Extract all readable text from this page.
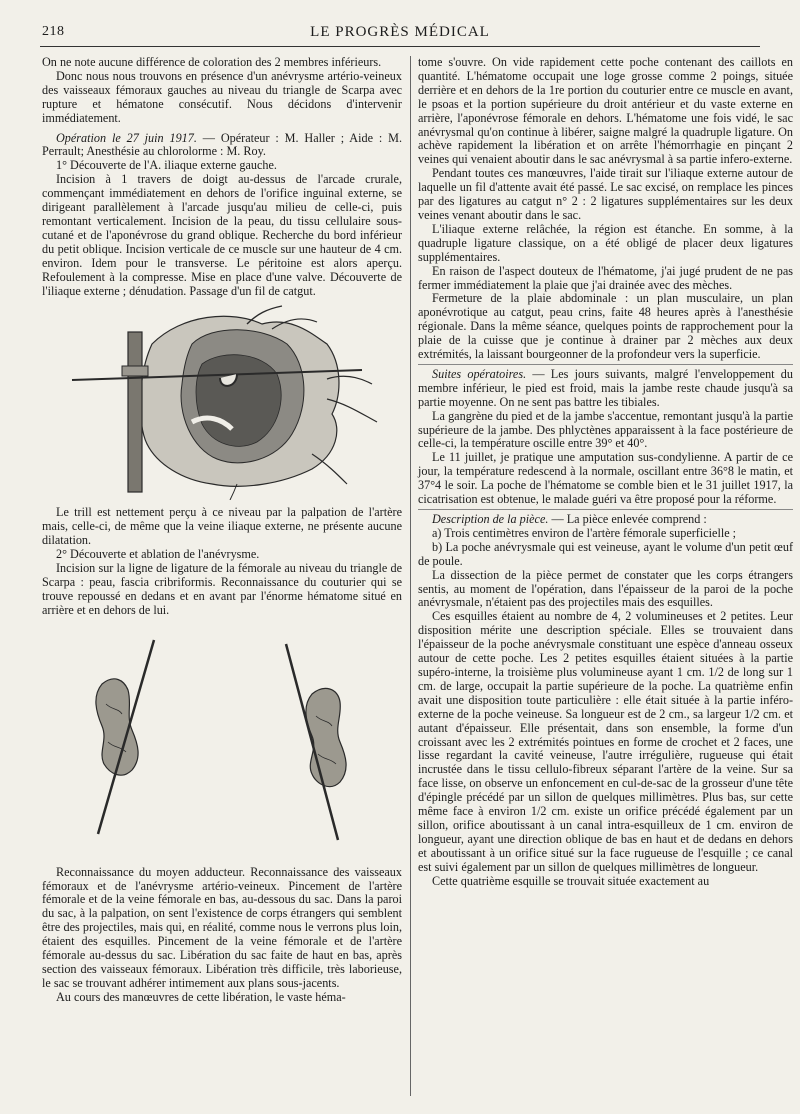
218	LE PROGRÈS MÉDICAL

On ne note aucune différence de coloration des 2 membres inférieurs.

Donc nous nous trouvons en présence d'un anévrysme artério-veineux des vaisseaux fémoraux gauches au niveau du triangle de Scarpa avec rupture et hématone consécutif. Nous décidons d'intervenir immédiatement.

Opération le 27 juin 1917. — Opérateur : M. Haller ; Aide : M. Perrault; Anesthésie au chlorolorme : M. Roy.

1° Découverte de l'A. iliaque externe gauche.

Incision à 1 travers de doigt au-dessus de l'arcade crurale, commençant immédiatement en dehors de l'orifice inguinal externe, se dirigeant parallèlement à l'arcade jusqu'au milieu de celle-ci, puis remontant verticalement. Incision de la peau, du tissu cellulaire sous-cutané et de l'aponévrose du grand oblique. Recherche du bord inférieur du petit oblique. Incision verticale de ce muscle sur une hauteur de 4 cm. environ. Idem pour le transverse. Le péritoine est alors aperçu. Refoulement à la compresse. Mise en place d'une valve. Découverte de l'iliaque externe ; dénudation. Passage d'un fil de catgut.

Le trill est nettement perçu à ce niveau par la palpation de l'artère mais, celle-ci, de même que la veine iliaque externe, ne présente aucune dilatation.

2° Découverte et ablation de l'anévrysme.

Incision sur la ligne de ligature de la fémorale au niveau du triangle de Scarpa : peau, fascia cribriformis. Reconnaissance du couturier qui se trouve repoussé en dedans et en avant par l'énorme hématome situé en arrière et en dehors de lui.

Reconnaissance du moyen adducteur. Reconnaissance des vaisseaux fémoraux et de l'anévrysme artério-veineux. Pincement de l'artère fémorale et de la veine fémorale en bas, au-dessous du sac. Dans la paroi du sac, à la palpation, on sent l'existence de corps étrangers qui semblent être des projectiles, mais qui, en réalité, comme nous le verrons plus loin, étaient des esquilles. Pincement de la veine fémorale et de l'artère fémorale au-dessus du sac. Libération du sac faite de haut en bas, après section des vaisseaux fémoraux. Libération très difficile, très laborieuse, le sac se trouvant adhérer intimement aux plans sous-jacents.

Au cours des manœuvres de cette libération, le vaste héma-

tome s'ouvre. On vide rapidement cette poche contenant des caillots en quantité. L'hématome occupait une loge grosse comme 2 poings, située derrière et en dehors de la 1re portion du couturier entre ce muscle en avant, le psoas et la portion supérieure du droit antérieur et du vaste externe en arrière, l'aponévrose fémorale en dehors. L'hématome une fois vidé, le sac anévrysmal qu'on continue à libérer, saigne malgré la quadruple ligature. On achève rapidement la libération et on arrête l'hémorrhagie en pinçant 2 veines qui venaient aboutir dans le sac anévrysmal à sa partie infero-externe.

Pendant toutes ces manœuvres, l'aide tirait sur l'iliaque externe autour de laquelle un fil d'attente avait été passé. Le sac excisé, on remplace les pinces par des ligatures au catgut n° 2 : 2 ligatures supplémentaires sur les deux veines venant aboutir dans le sac.

L'iliaque externe relâchée, la région est étanche. En somme, à la quadruple ligature classique, on a été obligé de placer deux ligatures supplémentaires.

En raison de l'aspect douteux de l'hématome, j'ai jugé prudent de ne pas fermer immédiatement la plaie que j'ai drainée avec des mèches.

Fermeture de la plaie abdominale : un plan musculaire, un plan aponévrotique au catgut, peau crins, faite 48 heures après à l'anesthésie régionale. Dans la même séance, quelques points de rapprochement pour la plaie de la cuisse que je continue à drainer par 2 mèches aux deux extrémités, la laissant bourgeonner de la profondeur vers la superficie.

Suites opératoires. — Les jours suivants, malgré l'enveloppement du membre inférieur, le pied est froid, mais la jambe reste chaude jusqu'à sa partie moyenne. On ne sent pas battre les tibiales.

La gangrène du pied et de la jambe s'accentue, remontant jusqu'à la partie supérieure de la jambe. Des phlyctènes apparaissent à la face postérieure de celle-ci, la température oscille entre 39° et 40°.

Le 11 juillet, je pratique une amputation sus-condylienne. A partir de ce jour, la température redescend à la normale, oscillant entre 36°8 le matin, et 37°4 le soir. La poche de l'hématome se comble bien et le 31 juillet 1917, la cicatrisation est obtenue, le malade guéri va être proposé pour la réforme.

Description de la pièce. — La pièce enlevée comprend :

a) Trois centimètres environ de l'artère fémorale superficielle ;

b) La poche anévrysmale qui est veineuse, ayant le volume d'un petit œuf de poule.

La dissection de la pièce permet de constater que les corps étrangers sentis, au moment de l'opération, dans l'épaisseur de la paroi de la poche anévrysmale, n'étaient pas des projectiles mais des esquilles.

Ces esquilles étaient au nombre de 4, 2 volumineuses et 2 petites. Leur disposition mérite une description spéciale. Elles se trouvaient dans l'épaisseur de la poche anévrysmale constituant une espèce d'anneau osseux autour de cette poche. Les 2 petites esquilles étaient situées à la partie supéro-interne, la troisième plus volumineuse ayant 1 cm. 1/2 de long sur 1 cm. de large, occupait la partie supérieure de la poche. La quatrième enfin avait une disposition toute particulière : elle était située à la partie inféro-externe de la poche veineuse. Sa longueur est de 2 cm., sa largeur 1/2 cm. et autant d'épaisseur. Elle présentait, dans son ensemble, la forme d'un croissant avec les 2 extrémités pointues en forme de crochet et 2 faces, une lisse regardant la cavité veineuse, l'autre irrégulière, rugueuse qui était incrustée dans le tissu cellulo-fibreux séparant l'artère de la veine. Sur sa face lisse, on observe un enfoncement en cul-de-sac de la grosseur d'une tête d'épingle précédé par un sillon de quelques millimètres. Plus bas, sur cette même face à environ 1/2 cm. existe un orifice précédé également par un sillon, orifice aboutissant à un canal intra-esquilleux de 1 cm. environ de longueur, ayant une direction oblique de bas en haut et de dedans en dehors et aboutissant à un orifice situé sur la face rugueuse de l'esquille ; ce canal est suivi également par un sillon de quelques millimètres de longueur.

Cette quatrième esquille se trouvait située exactement au
